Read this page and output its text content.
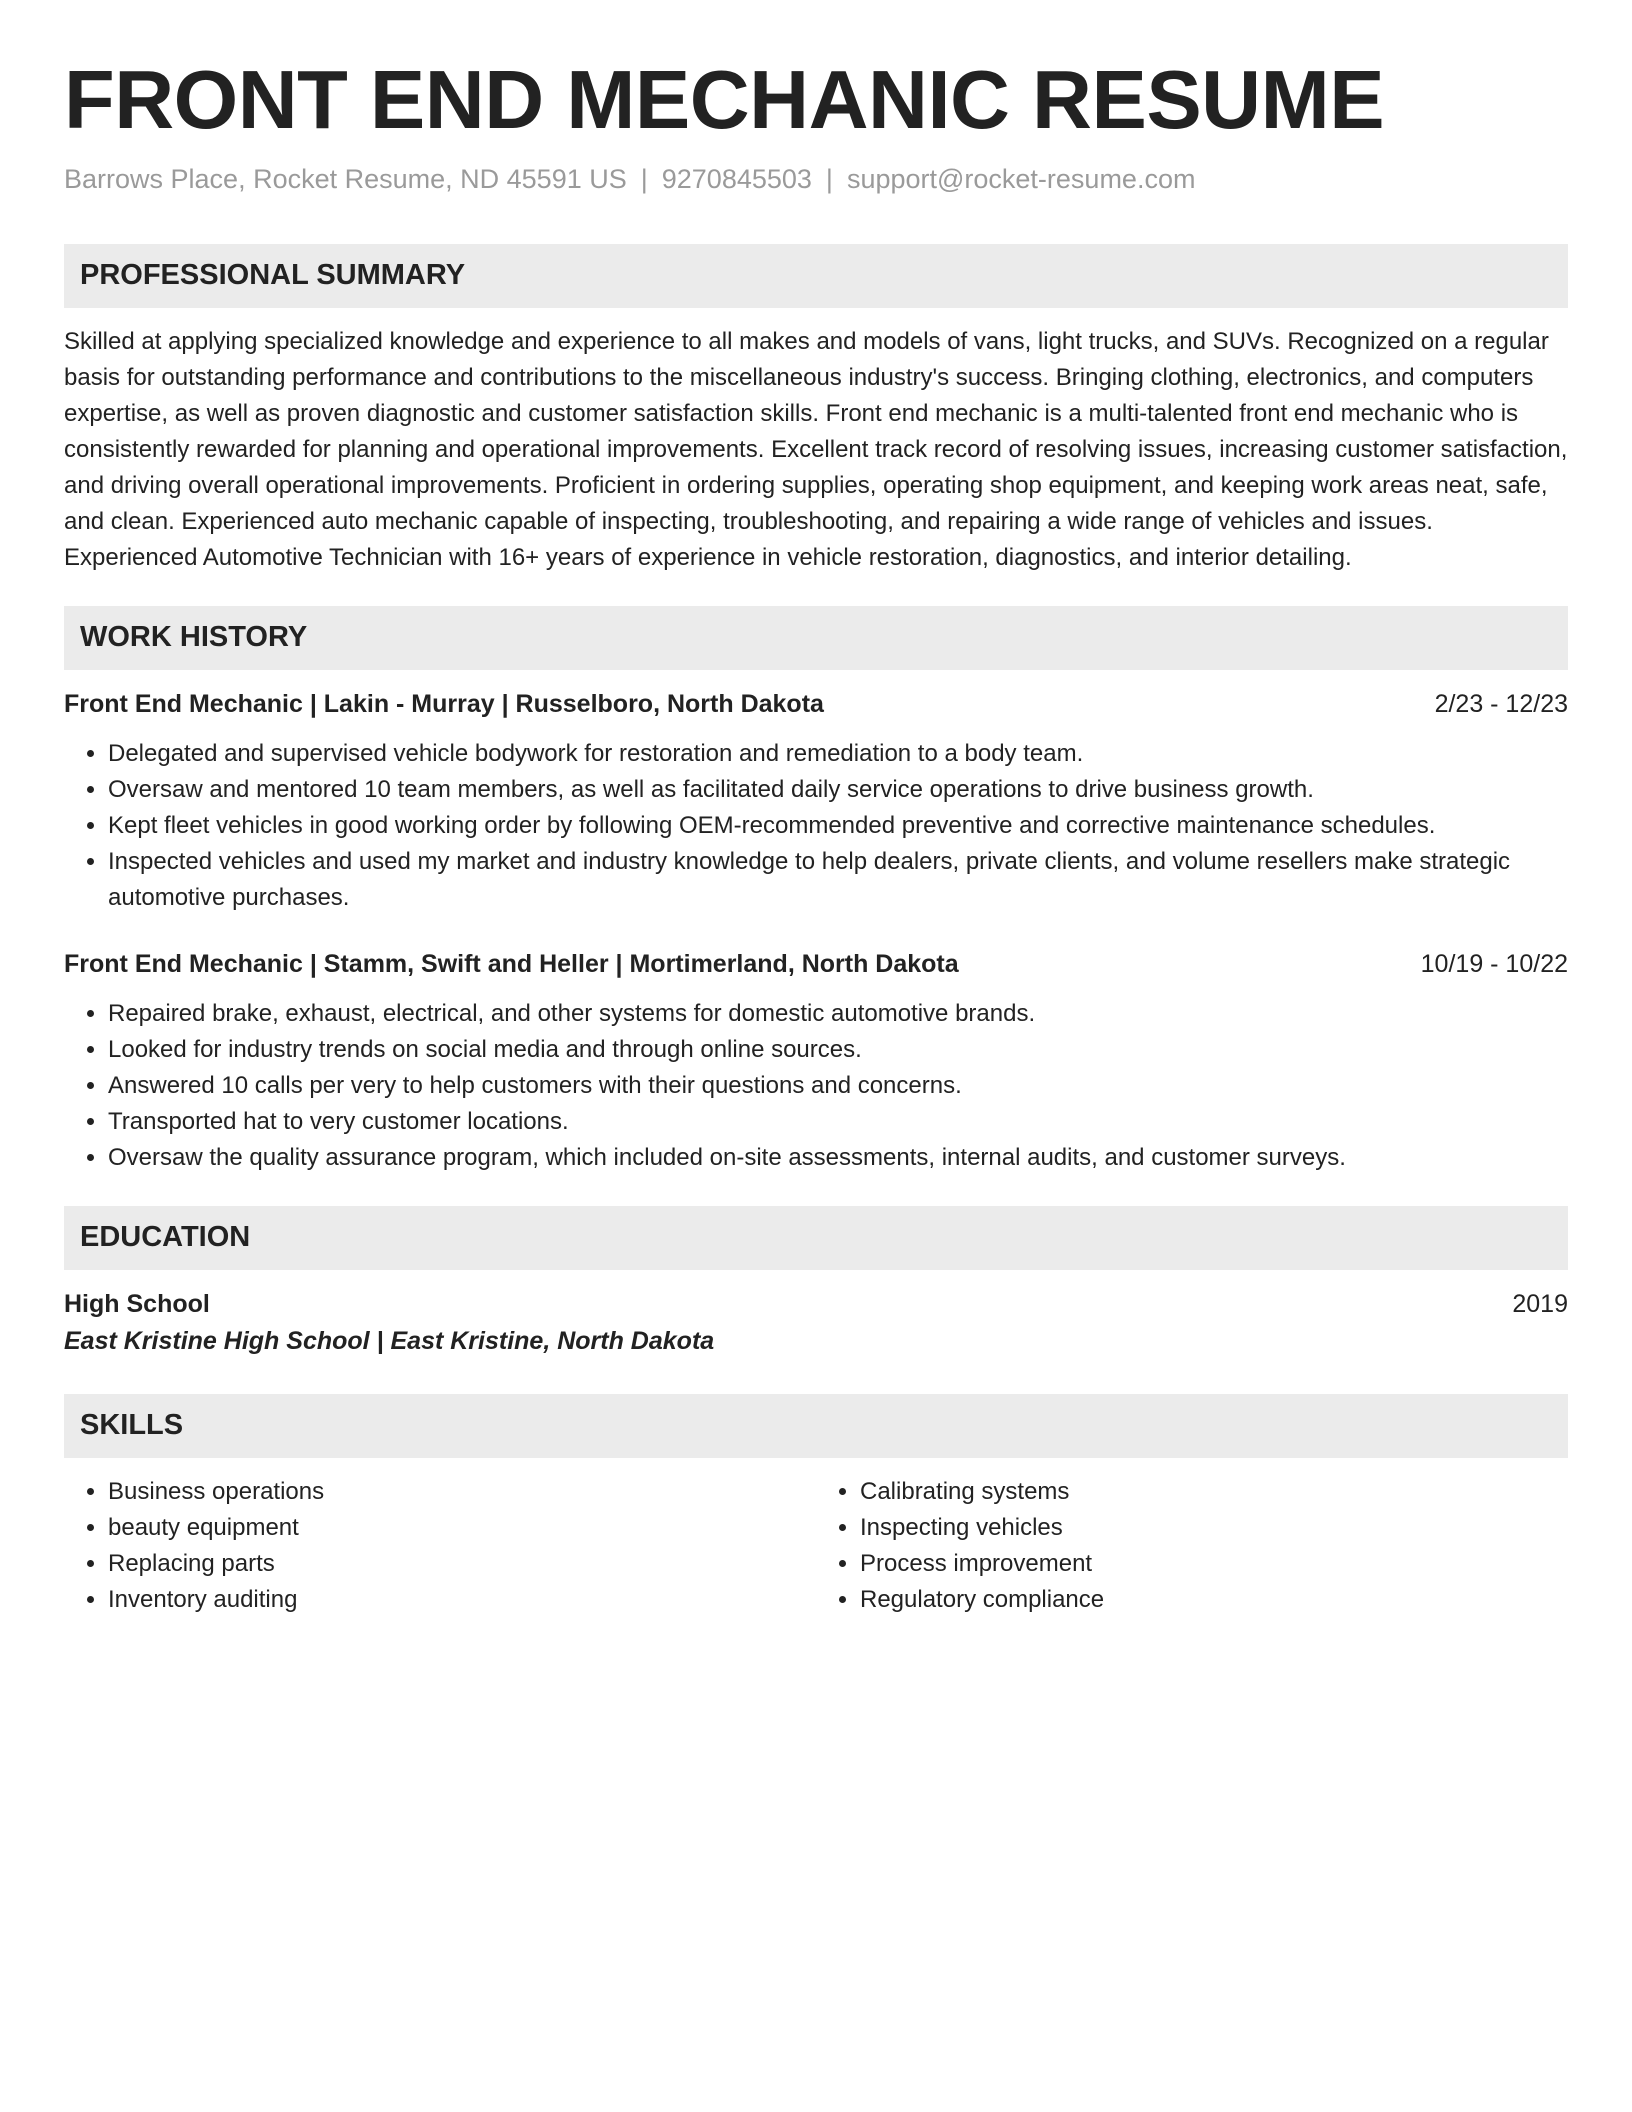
FRONT END MECHANIC RESUME
Barrows Place, Rocket Resume, ND 45591 US | 9270845503 | support@rocket-resume.com
PROFESSIONAL SUMMARY

Skilled at applying specialized knowledge and experience to all makes and models of vans, light trucks, and SUVs. Recognized on a regular basis for outstanding performance and contributions to the miscellaneous industry's success. Bringing clothing, electronics, and computers expertise, as well as proven diagnostic and customer satisfaction skills. Front end mechanic is a multi-talented front end mechanic who is consistently rewarded for planning and operational improvements. Excellent track record of resolving issues, increasing customer satisfaction, and driving overall operational improvements. Proficient in ordering supplies, operating shop equipment, and keeping work areas neat, safe, and clean. Experienced auto mechanic capable of inspecting, troubleshooting, and repairing a wide range of vehicles and issues. Experienced Automotive Technician with 16+ years of experience in vehicle restoration, diagnostics, and interior detailing.

WORK HISTORY
Front End Mechanic | Lakin - Murray | Russelboro, North Dakota	2/23 - 12/23
• Delegated and supervised vehicle bodywork for restoration and remediation to a body team.
• Oversaw and mentored 10 team members, as well as facilitated daily service operations to drive business growth.
• Kept fleet vehicles in good working order by following OEM-recommended preventive and corrective maintenance schedules.
• Inspected vehicles and used my market and industry knowledge to help dealers, private clients, and volume resellers make strategic automotive purchases.
Front End Mechanic | Stamm, Swift and Heller | Mortimerland, North Dakota	10/19 - 10/22
• Repaired brake, exhaust, electrical, and other systems for domestic automotive brands.
• Looked for industry trends on social media and through online sources.
• Answered 10 calls per very to help customers with their questions and concerns.
• Transported hat to very customer locations.
• Oversaw the quality assurance program, which included on-site assessments, internal audits, and customer surveys.
EDUCATION
High School	2019
East Kristine High School | East Kristine, North Dakota
SKILLS
• Business operations
• beauty equipment
• Replacing parts
• Inventory auditing
• Calibrating systems
• Inspecting vehicles
• Process improvement
• Regulatory compliance
